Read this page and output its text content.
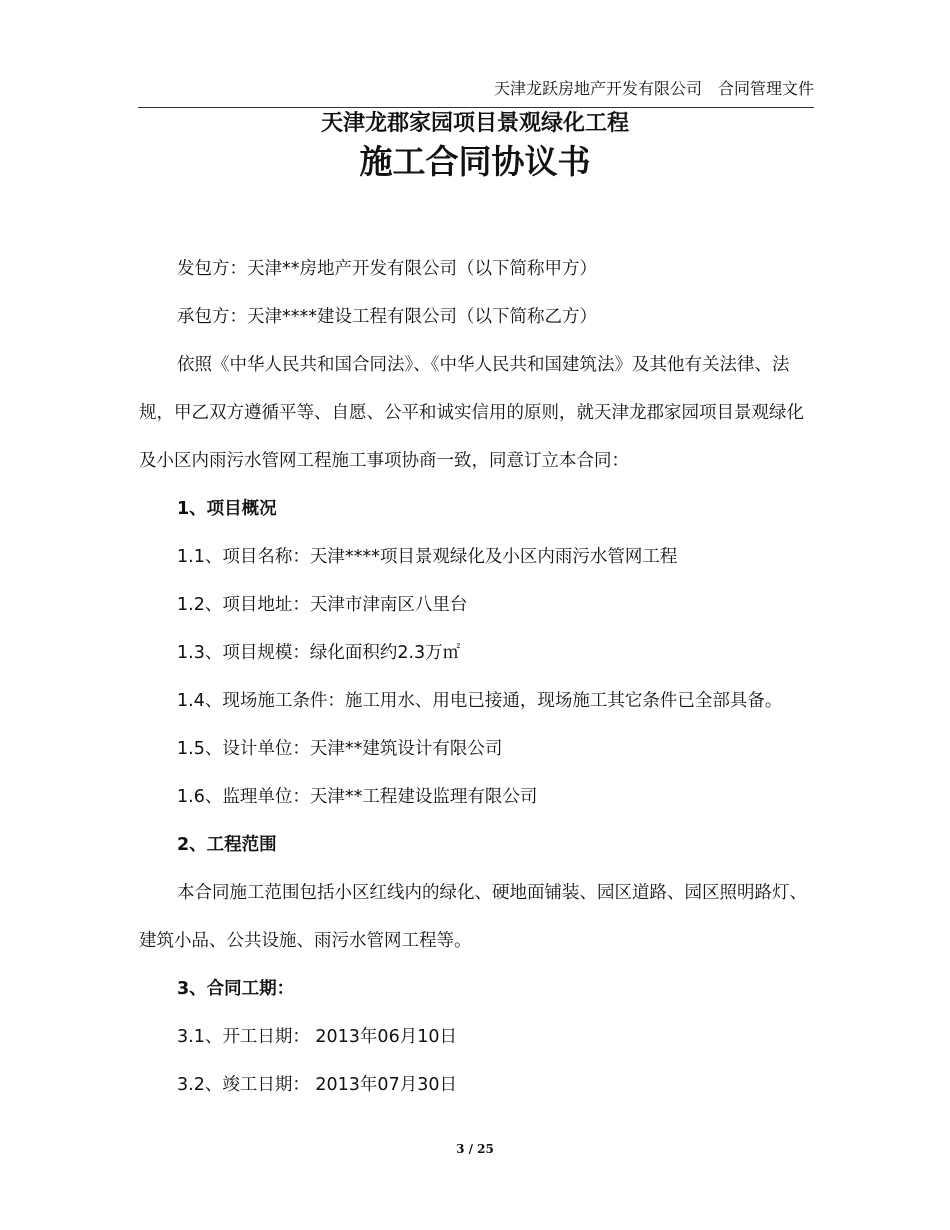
天津龙跃房地产开发有限公司 合同管理文件
天津龙郡家园项目景观绿化工程
施工合同协议书

发包方：天津**房地产开发有限公司（以下简称甲方）

承包方：天津****建设工程有限公司（以下简称乙方）

依照《中华人民共和国合同法》、《中华人民共和国建筑法》及其他有关法律、法规，甲乙双方遵循平等、自愿、公平和诚实信用的原则，就天津龙郡家园项目景观绿化及小区内雨污水管网工程施工事项协商一致，同意订立本合同：

1、项目概况

1.1、项目名称：天津****项目景观绿化及小区内雨污水管网工程

1.2、项目地址：天津市津南区八里台

1.3、项目规模：绿化面积约2.3万㎡

1.4、现场施工条件：施工用水、用电已接通，现场施工其它条件已全部具备。

1.5、设计单位：天津**建筑设计有限公司

1.6、监理单位：天津**工程建设监理有限公司

2、工程范围

本合同施工范围包括小区红线内的绿化、硬地面铺装、园区道路、园区照明路灯、建筑小品、公共设施、雨污水管网工程等。

3、合同工期：

3.1、开工日期： 2013年06月10日

3.2、竣工日期： 2013年07月30日

3 / 25
